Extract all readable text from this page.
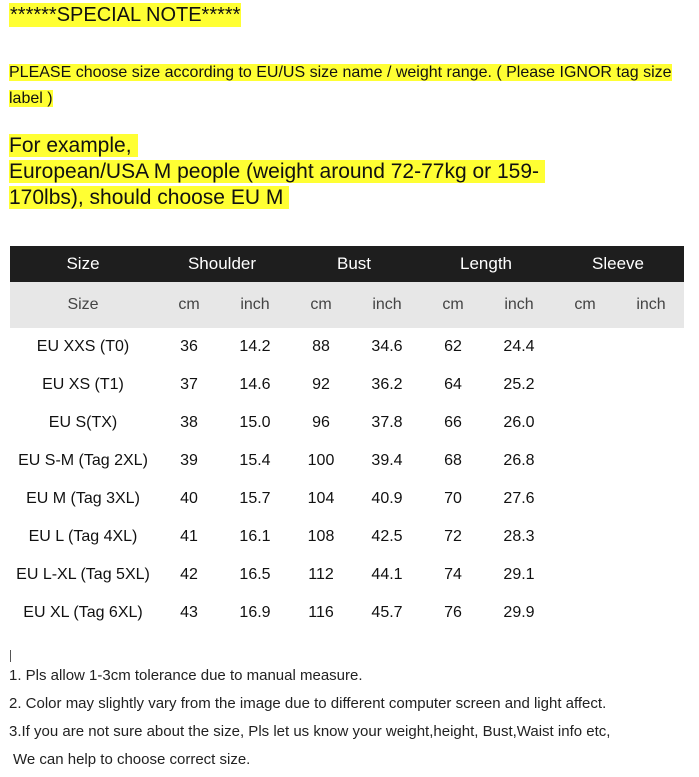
******SPECIAL NOTE*****
PLEASE choose size according to EU/US size name / weight range. ( Please IGNOR tag size label )
For example,
European/USA M people (weight around 72-77kg or 159-
170lbs), should choose EU M
Size	Shoulder		Bust		Length		Sleeve	
Size	cm	inch	cm	inch	cm	inch	cm	inch
EU XXS (T0)	36	14.2	88	34.6	62	24.4		
EU XS (T1)	37	14.6	92	36.2	64	25.2		
EU S(TX)	38	15.0	96	37.8	66	26.0		
EU S-M (Tag 2XL)	39	15.4	100	39.4	68	26.8		
EU M (Tag 3XL)	40	15.7	104	40.9	70	27.6		
EU L (Tag 4XL)	41	16.1	108	42.5	72	28.3		
EU L-XL (Tag 5XL)	42	16.5	112	44.1	74	29.1		
EU XL (Tag 6XL)	43	16.9	116	45.7	76	29.9		
1. Pls allow 1-3cm tolerance due to manual measure.
2. Color may slightly vary from the image due to different computer screen and light affect.
3.If you are not sure about the size, Pls let us know your weight,height, Bust,Waist info etc,
We can help to choose correct size.
